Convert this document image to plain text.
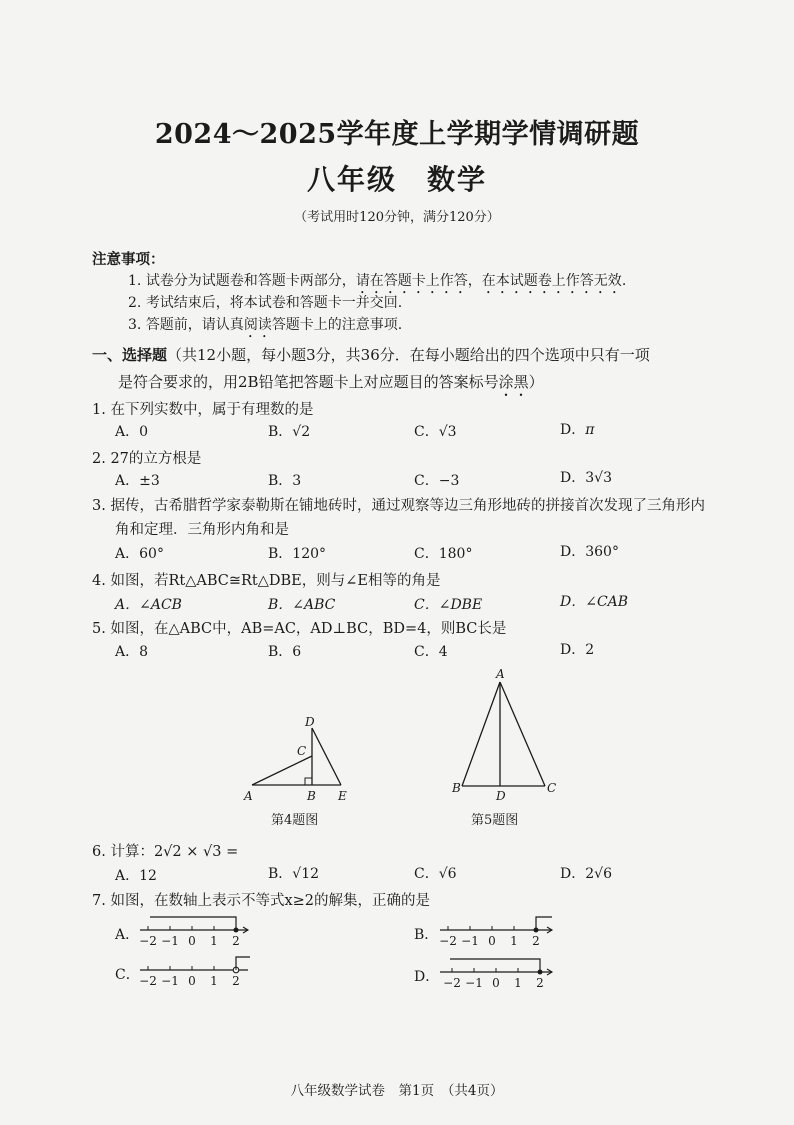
2024～2025学年度上学期学情调研题
八年级　数学
（考试用时120分钟，满分120分）
注意事项：
1. 试卷分为试题卷和答题卡两部分，请在答题卡上作答，在本试题卷上作答无效.
2. 考试结束后，将本试卷和答题卡一并交回.
3. 答题前，请认真阅读答题卡上的注意事项.
一、选择题（共12小题，每小题3分，共36分．在每小题给出的四个选项中只有一项
是符合要求的，用2B铅笔把答题卡上对应题目的答案标号涂黑）
1. 在下列实数中，属于有理数的是
A．0	B．√2	C．√3	D．π
2. 27的立方根是
A．±3	B．3	C．−3	D．3√3
3. 据传，古希腊哲学家泰勒斯在铺地砖时，通过观察等边三角形地砖的拼接首次发现了三角形内
角和定理．三角形内角和是
A．60°	B．120°	C．180°	D．360°
4. 如图，若Rt△ABC≅Rt△DBE，则与∠E相等的角是
A．∠ACB	B．∠ABC	C．∠DBE	D．∠CAB
5. 如图，在△ABC中，AB=AC，AD⊥BC，BD=4，则BC长是
A．8	B．6	C．4	D．2
A	B
C
D
E
第4题图
A
B	C
D
第5题图
6. 计算：2√2 × √3 =
A．12	B．√12	C．√6	D．2√6
7. 如图，在数轴上表示不等式x≥2的解集，正确的是
A．	B．
C．	D．
−2 −1 0 1 2	−2 −1 0 1 2
−2 −1 0 1 2	−2 −1 0 1 2
八年级数学试卷　第1页　（共4页）
